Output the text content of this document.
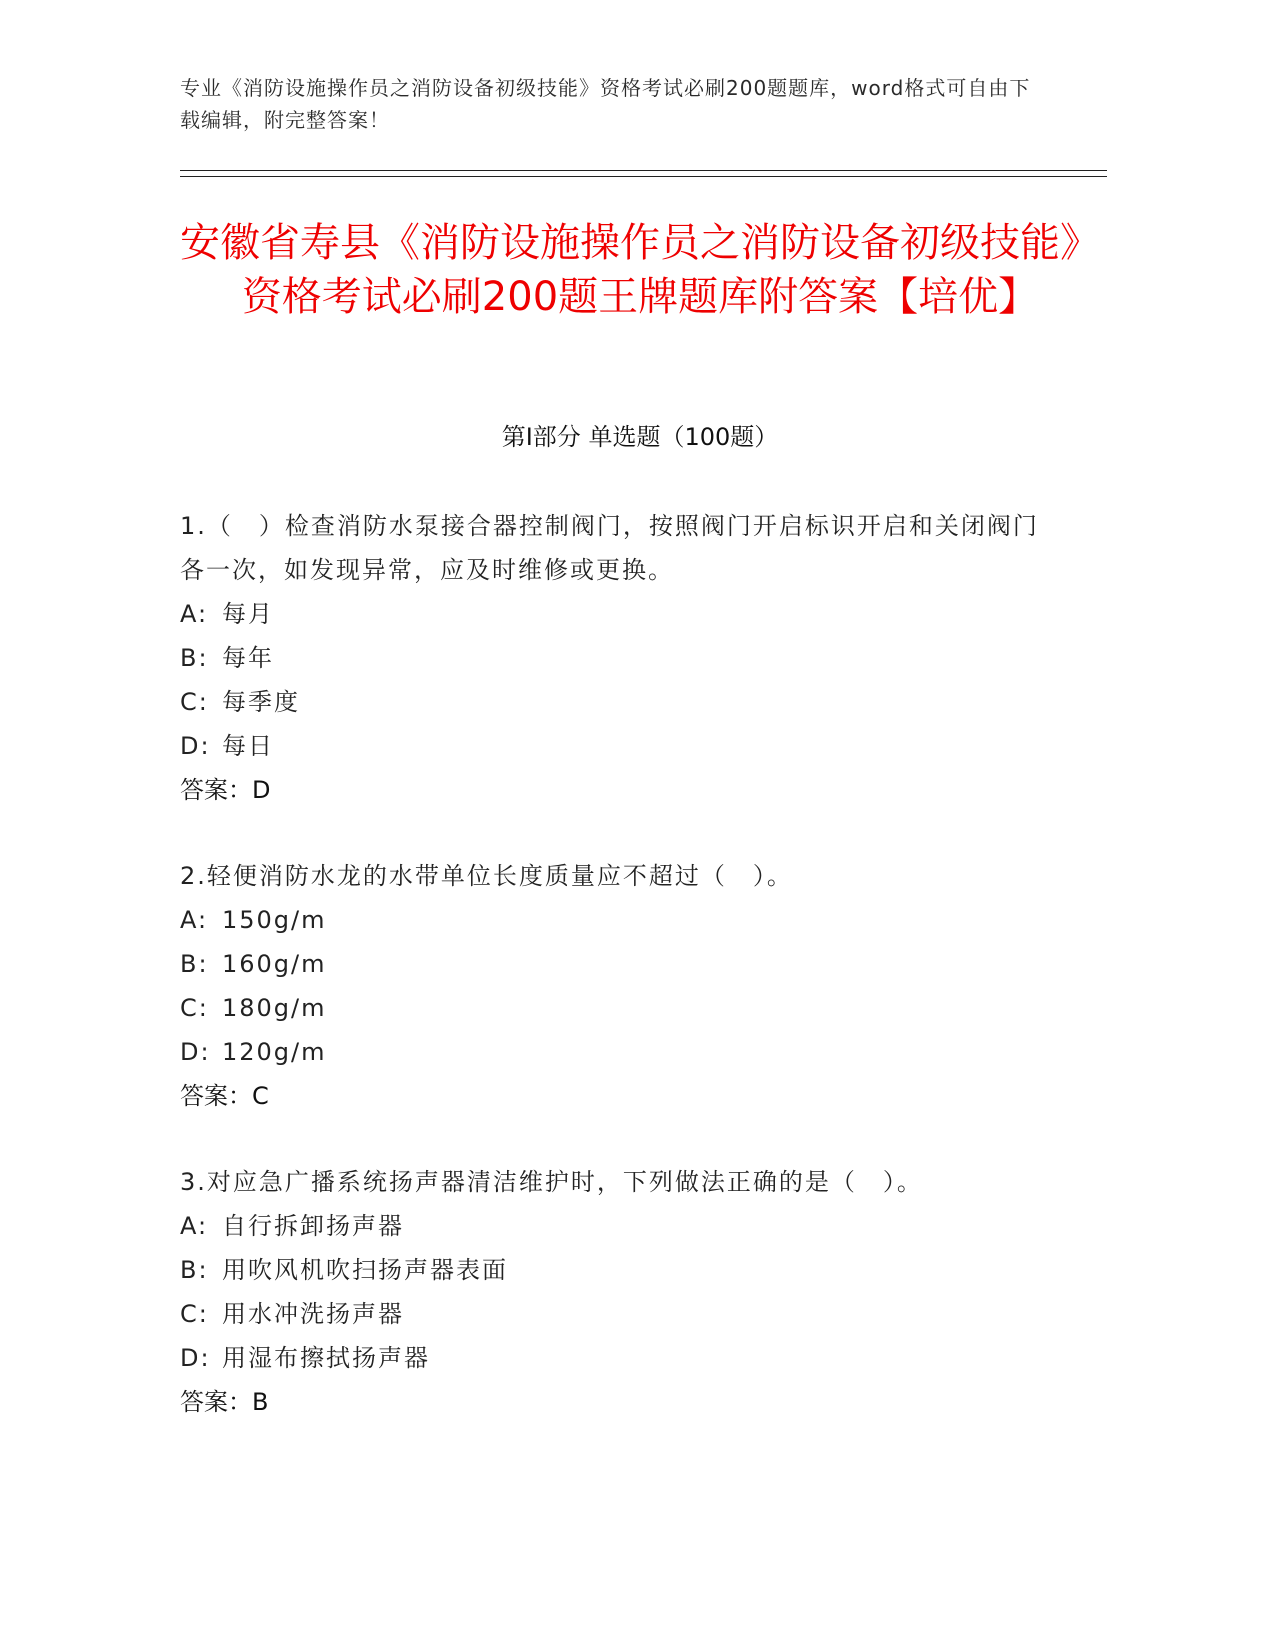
专业《消防设施操作员之消防设备初级技能》资格考试必刷200题题库，word格式可自由下载编辑，附完整答案！
安徽省寿县《消防设施操作员之消防设备初级技能》资格考试必刷200题王牌题库附答案【培优】
第I部分 单选题（100题）
1.（　）检查消防水泵接合器控制阀门，按照阀门开启标识开启和关闭阀门各一次，如发现异常，应及时维修或更换。
A: 每月
B: 每年
C: 每季度
D: 每日
答案：D
2.轻便消防水龙的水带单位长度质量应不超过（　）。
A: 150g/m
B: 160g/m
C: 180g/m
D: 120g/m
答案：C
3.对应急广播系统扬声器清洁维护时，下列做法正确的是（　）。
A: 自行拆卸扬声器
B: 用吹风机吹扫扬声器表面
C: 用水冲洗扬声器
D: 用湿布擦拭扬声器
答案：B
